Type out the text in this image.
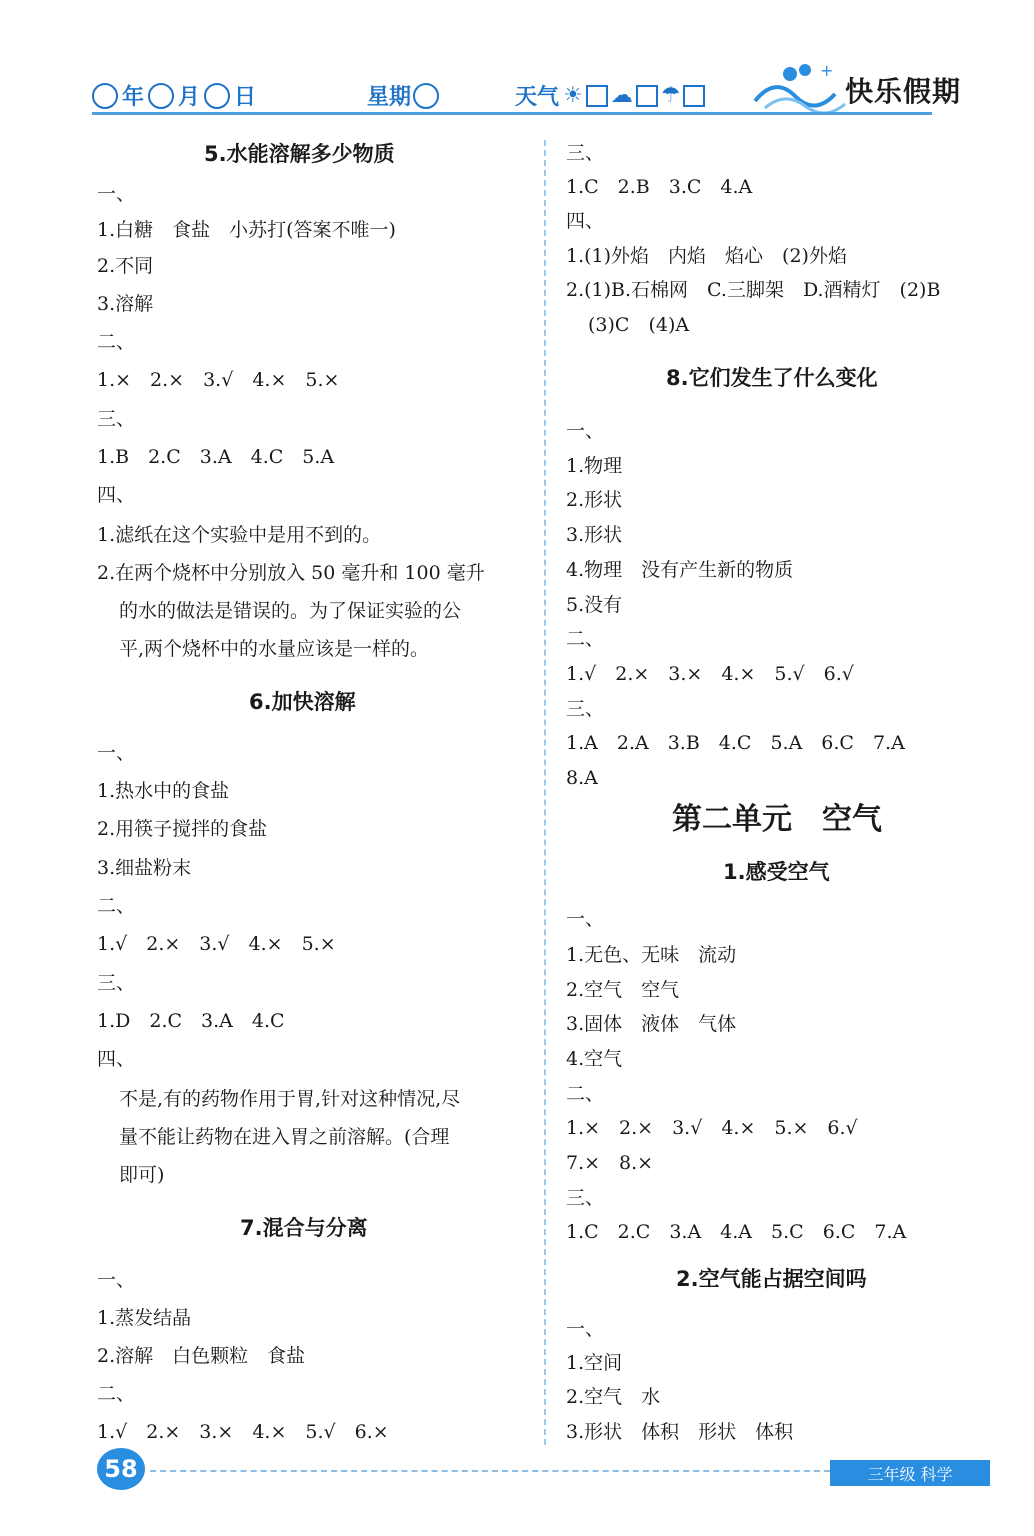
年 月 日	星期	天气 ☀ ☁ ☂
+
快乐假期
5.水能溶解多少物质
一、
1.白糖　食盐　小苏打(答案不唯一)
2.不同
3.溶解
二、
1.×　2.×　3.√　4.×　5.×
三、
1.B　2.C　3.A　4.C　5.A
四、
1.滤纸在这个实验中是用不到的。
2.在两个烧杯中分别放入 50 毫升和 100 毫升
的水的做法是错误的。为了保证实验的公
平,两个烧杯中的水量应该是一样的。
6.加快溶解
一、
1.热水中的食盐
2.用筷子搅拌的食盐
3.细盐粉末
二、
1.√　2.×　3.√　4.×　5.×
三、
1.D　2.C　3.A　4.C
四、
不是,有的药物作用于胃,针对这种情况,尽
量不能让药物在进入胃之前溶解。(合理
即可)
7.混合与分离
一、
1.蒸发结晶
2.溶解　白色颗粒　食盐
二、
1.√　2.×　3.×　4.×　5.√　6.×
三、
1.C　2.B　3.C　4.A
四、
1.(1)外焰　内焰　焰心　(2)外焰
2.(1)B.石棉网　C.三脚架　D.酒精灯　(2)B
(3)C　(4)A
8.它们发生了什么变化
一、
1.物理
2.形状
3.形状
4.物理　没有产生新的物质
5.没有
二、
1.√　2.×　3.×　4.×　5.√　6.√
三、
1.A　2.A　3.B　4.C　5.A　6.C　7.A
8.A
第二单元　空气
1.感受空气
一、
1.无色、无味　流动
2.空气　空气
3.固体　液体　气体
4.空气
二、
1.×　2.×　3.√　4.×　5.×　6.√
7.×　8.×
三、
1.C　2.C　3.A　4.A　5.C　6.C　7.A
2.空气能占据空间吗
一、
1.空间
2.空气　水
3.形状　体积　形状　体积
58	三年级 科学
